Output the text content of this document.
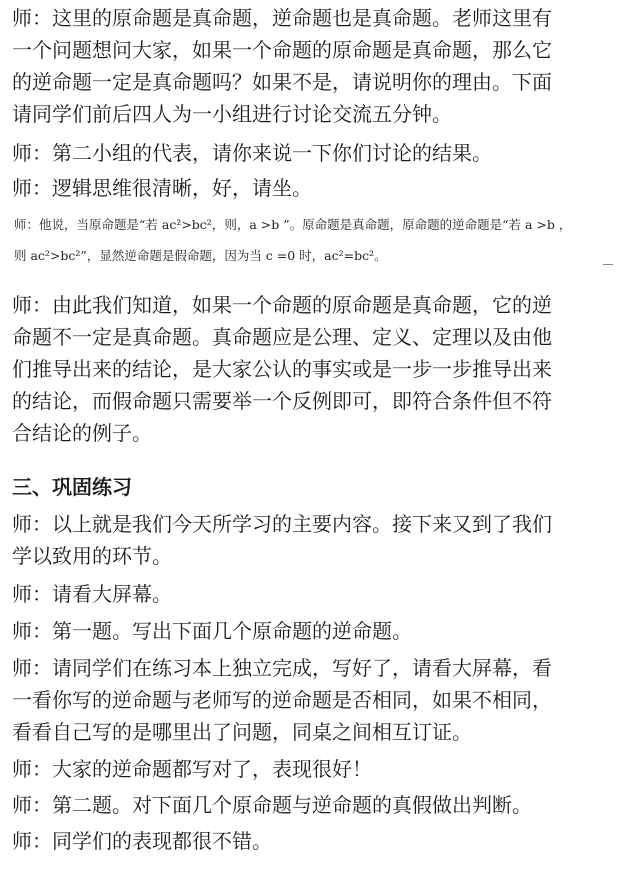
师：这里的原命题是真命题，逆命题也是真命题。老师这里有
一个问题想问大家，如果一个命题的原命题是真命题，那么它
的逆命题一定是真命题吗？如果不是，请说明你的理由。下面
请同学们前后四人为一小组进行讨论交流五分钟。

师：第二小组的代表，请你来说一下你们讨论的结果。

师：逻辑思维很清晰，好，请坐。

师：他说，当原命题是“若 ac²>bc²，则，a >b ”。原命题是真命题，原命题的逆命题是“若 a >b ，
则 ac²>bc²”，显然逆命题是假命题，因为当 c =0 时，ac²=bc²。

师：由此我们知道，如果一个命题的原命题是真命题，它的逆
命题不一定是真命题。真命题应是公理、定义、定理以及由他
们推导出来的结论，是大家公认的事实或是一步一步推导出来
的结论，而假命题只需要举一个反例即可，即符合条件但不符
合结论的例子。

三、巩固练习

师：以上就是我们今天所学习的主要内容。接下来又到了我们
学以致用的环节。

师：请看大屏幕。

师：第一题。写出下面几个原命题的逆命题。

师：请同学们在练习本上独立完成，写好了，请看大屏幕，看
一看你写的逆命题与老师写的逆命题是否相同，如果不相同，
看看自己写的是哪里出了问题，同桌之间相互订证。

师：大家的逆命题都写对了，表现很好！

师：第二题。对下面几个原命题与逆命题的真假做出判断。

师：同学们的表现都很不错。
